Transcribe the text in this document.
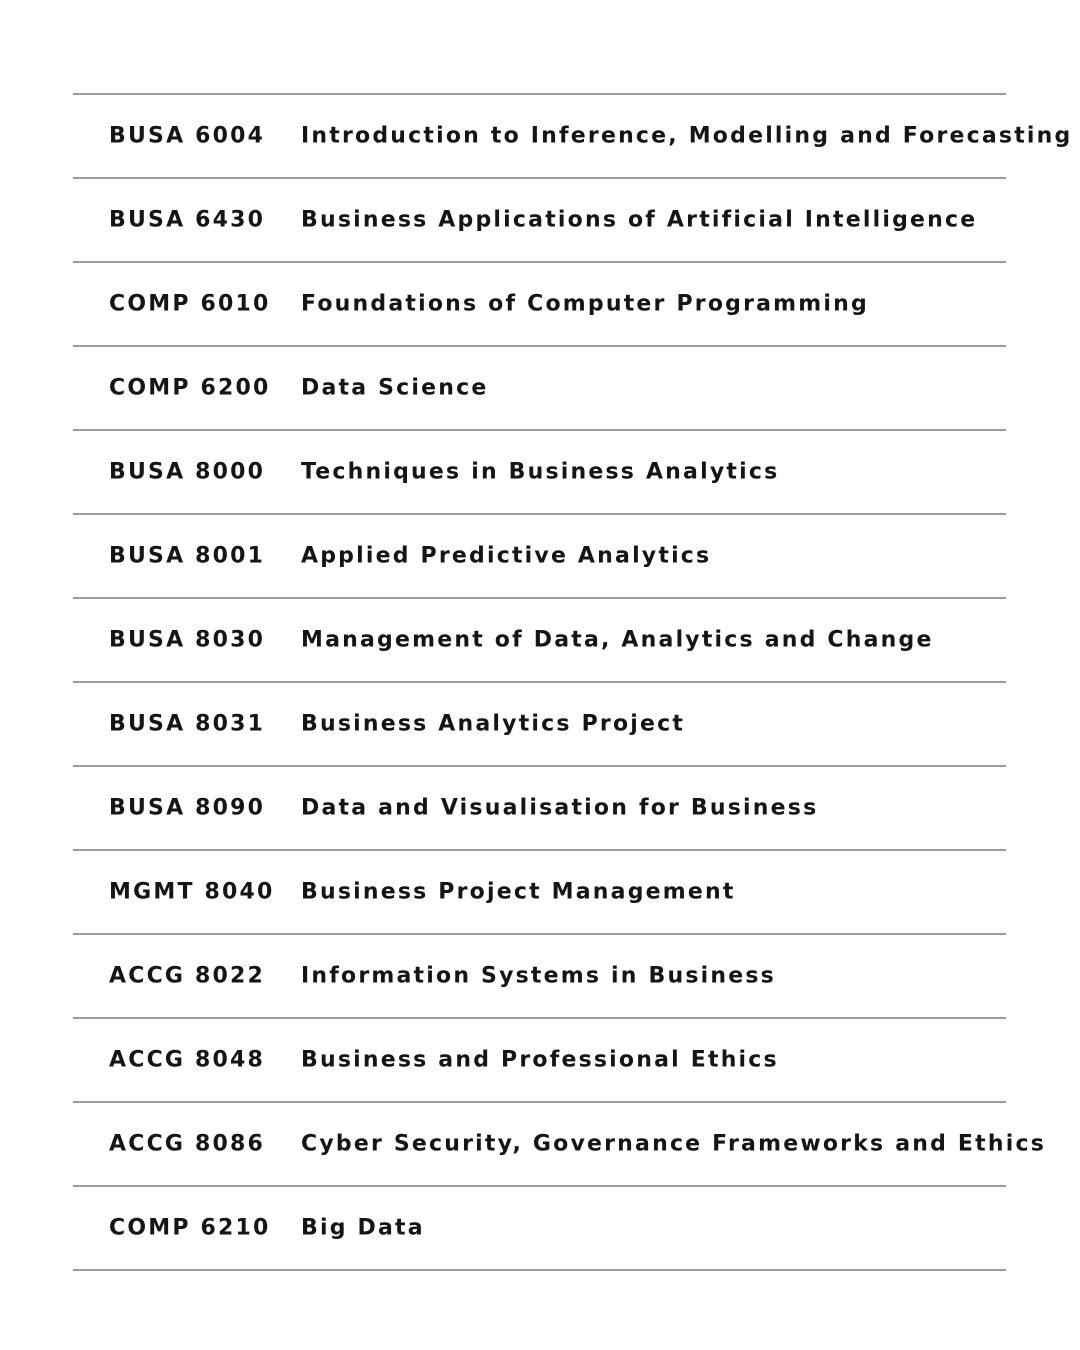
BUSA 6004 Introduction to Inference, Modelling and Forecasting
BUSA 6430 Business Applications of Artificial Intelligence
COMP 6010 Foundations of Computer Programming
COMP 6200 Data Science
BUSA 8000 Techniques in Business Analytics
BUSA 8001 Applied Predictive Analytics
BUSA 8030 Management of Data, Analytics and Change
BUSA 8031 Business Analytics Project
BUSA 8090 Data and Visualisation for Business
MGMT 8040 Business Project Management
ACCG 8022 Information Systems in Business
ACCG 8048 Business and Professional Ethics
ACCG 8086 Cyber Security, Governance Frameworks and Ethics
COMP 6210 Big Data
